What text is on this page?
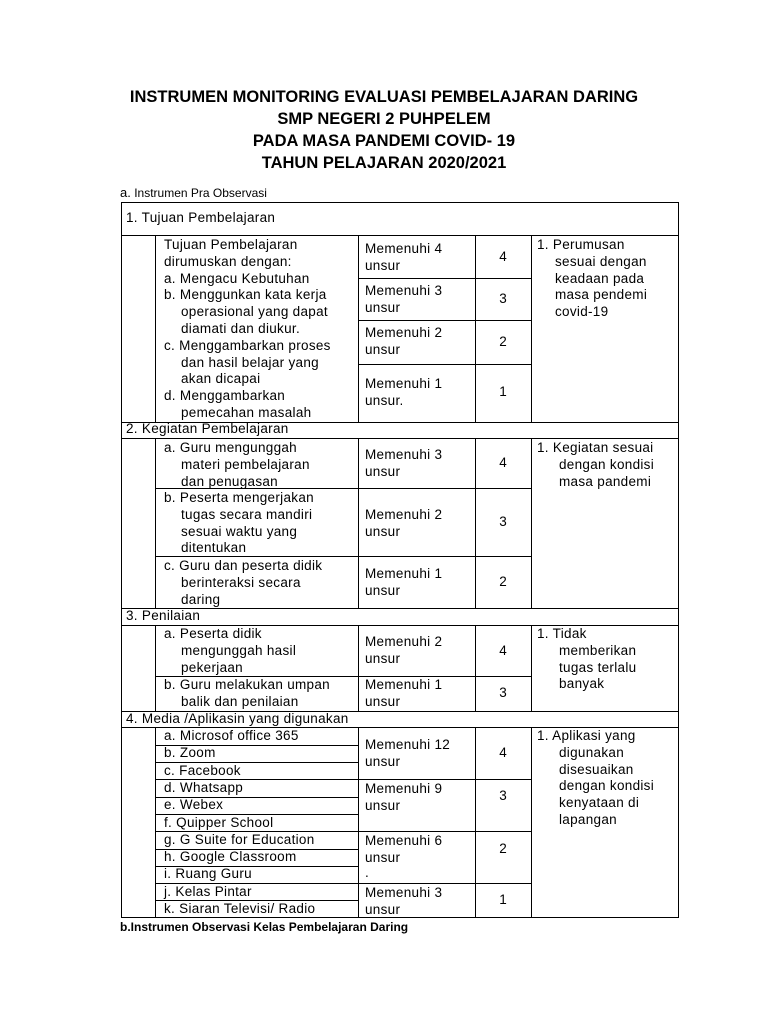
INSTRUMEN MONITORING EVALUASI PEMBELAJARAN DARING
SMP NEGERI 2 PUHPELEM
PADA MASA PANDEMI COVID- 19
TAHUN PELAJARAN 2020/2021
a. Instrumen Pra Observasi
1. Tujuan Pembelajaran
Tujuan Pembelajaran
dirumuskan dengan:
a. Mengacu Kebutuhan
b. Menggunkan kata kerja
operasional yang dapat
diamati dan diukur.
c. Menggambarkan proses
dan hasil belajar yang
akan dicapai
d. Menggambarkan
pemecahan masalah
Memenuhi 4
unsur
4
Memenuhi 3
unsur
3
Memenuhi 2
unsur
2
Memenuhi 1
unsur.
1
1. Perumusan
sesuai dengan
keadaan pada
masa pendemi
covid-19
2. Kegiatan Pembelajaran
a. Guru mengunggah
materi pembelajaran
dan penugasan
Memenuhi 3
unsur
4
b. Peserta mengerjakan
tugas secara mandiri
sesuai waktu yang
ditentukan
Memenuhi 2
unsur
3
c. Guru dan peserta didik
berinteraksi secara
daring
Memenuhi 1
unsur
2
1. Kegiatan sesuai
dengan kondisi
masa pandemi
3. Penilaian
a. Peserta didik
mengunggah hasil
pekerjaan
Memenuhi 2
unsur
4
b. Guru melakukan umpan
balik dan penilaian
Memenuhi 1
unsur
3
1. Tidak
memberikan
tugas terlalu
banyak
4. Media /Aplikasin yang digunakan
a. Microsof office 365
b. Zoom
c. Facebook
d. Whatsapp
e. Webex
f. Quipper School
g. G Suite for Education
h. Google Classroom
i. Ruang Guru
j. Kelas Pintar
k. Siaran Televisi/ Radio
Memenuhi 12
unsur
4
Memenuhi 9
unsur
3
Memenuhi 6
unsur
.
2
Memenuhi 3
unsur
1
1. Aplikasi yang
digunakan
disesuaikan
dengan kondisi
kenyataan di
lapangan
b.Instrumen Observasi Kelas Pembelajaran Daring
